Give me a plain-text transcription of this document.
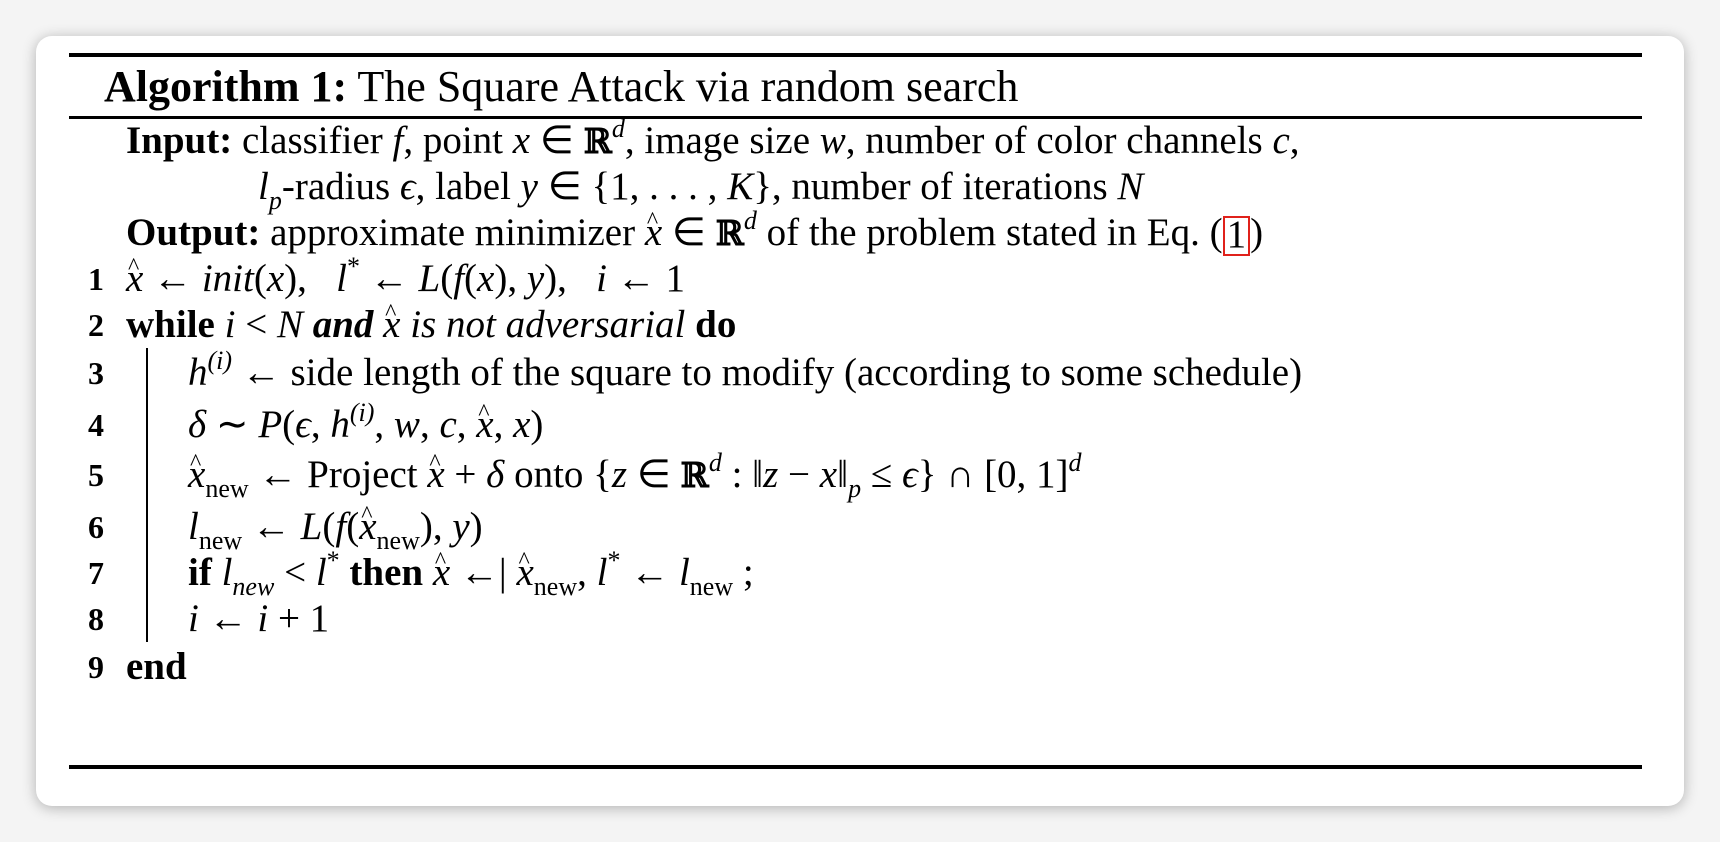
Algorithm 1: The Square Attack via random search
Input: classifier f, point x ∈ ℝ$^d$, image size w, number of color channels c,
$l_p$-radius ϵ, label y ∈ {1, . . . , K}, number of iterations N
Output: approximate minimizer ^ x ∈ ℝ$^d$ of the problem stated in Eq. ( 1 )
1
2
3
4
5
6
7
8
9
^ x ← init(x),   l* ← L(f(x), y),   i ← 1
while i < N and ^ x is not adversarial do
$h^{(i)}$ ← side length of the square to modify (according to some schedule)
δ ∼ P(ϵ, $h^{(i)}$, w, c, ^ x, x)
^ $x_{new}$ ← Project ^ x + δ onto {z ∈ ℝ$^d$ : ‖z − $x‖_p \le \epsilon$} ∩ [0, 1]$^d$
$l_{new}$ ← L(f(^ $x_{new}$), y)
if $l_{new} < l^*$ then ^ x ←| ^ $x_{new}$, l* ← $l_{new}$ ;
i ← i + 1
end
